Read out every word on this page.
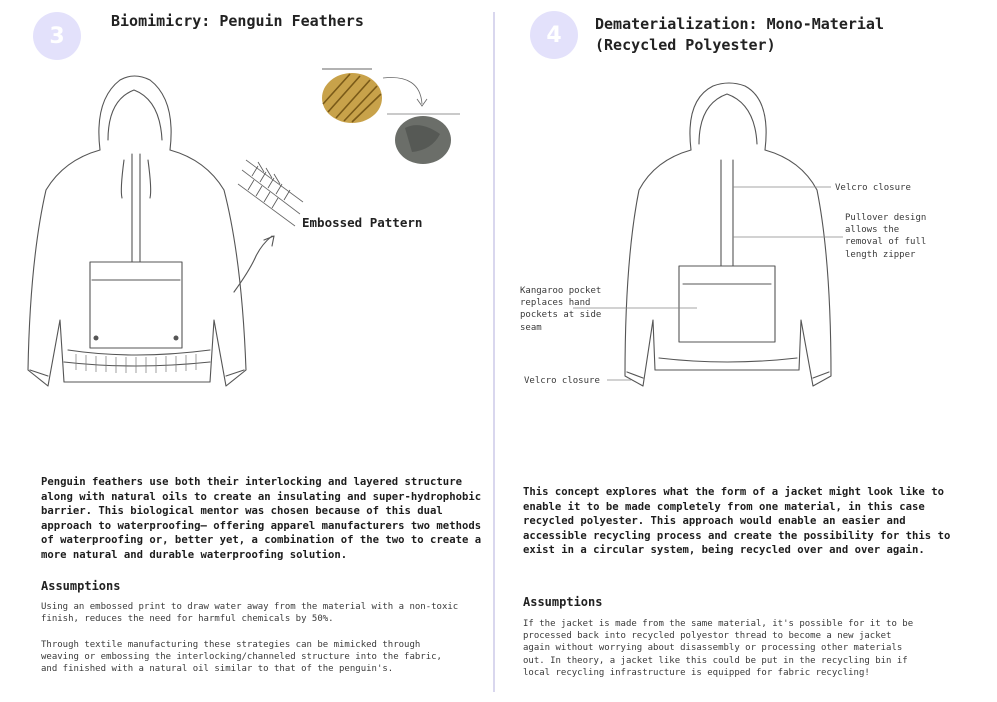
3
Biomimicry: Penguin Feathers
Embossed Pattern

Penguin feathers use both their interlocking and layered structure along with natural oils to create an insulating and super-hydrophobic barrier. This biological mentor was chosen because of this dual approach to waterproofing– offering apparel manufacturers two methods of waterproofing or, better yet, a combination of the two to create a more natural and durable waterproofing solution.

Assumptions

Using an embossed print to draw water away from the material with a non-toxic finish, reduces the need for harmful chemicals by 50%.

Through textile manufacturing these strategies can be mimicked through weaving or embossing the interlocking/channeled structure into the fabric, and finished with a natural oil similar to that of the penguin's.

4 Dematerialization: Mono-Material
(Recycled Polyester)
Velcro closure
Pullover design
allows the
removal of full
length zipper
Kangaroo pocket
replaces hand
pockets at side
seam
Velcro closure

This concept explores what the form of a jacket might look like to enable it to be made completely from one material, in this case recycled polyester. This approach would enable an easier and accessible recycling process and create the possibility for this to exist in a circular system, being recycled over and over again.

Assumptions

If the jacket is made from the same material, it's possible for it to be processed back into recycled polyestor thread to become a new jacket again without worrying about disassembly or processing other materials out. In theory, a jacket like this could be put in the recycling bin if local recycling infrastructure is equipped for fabric recycling!
